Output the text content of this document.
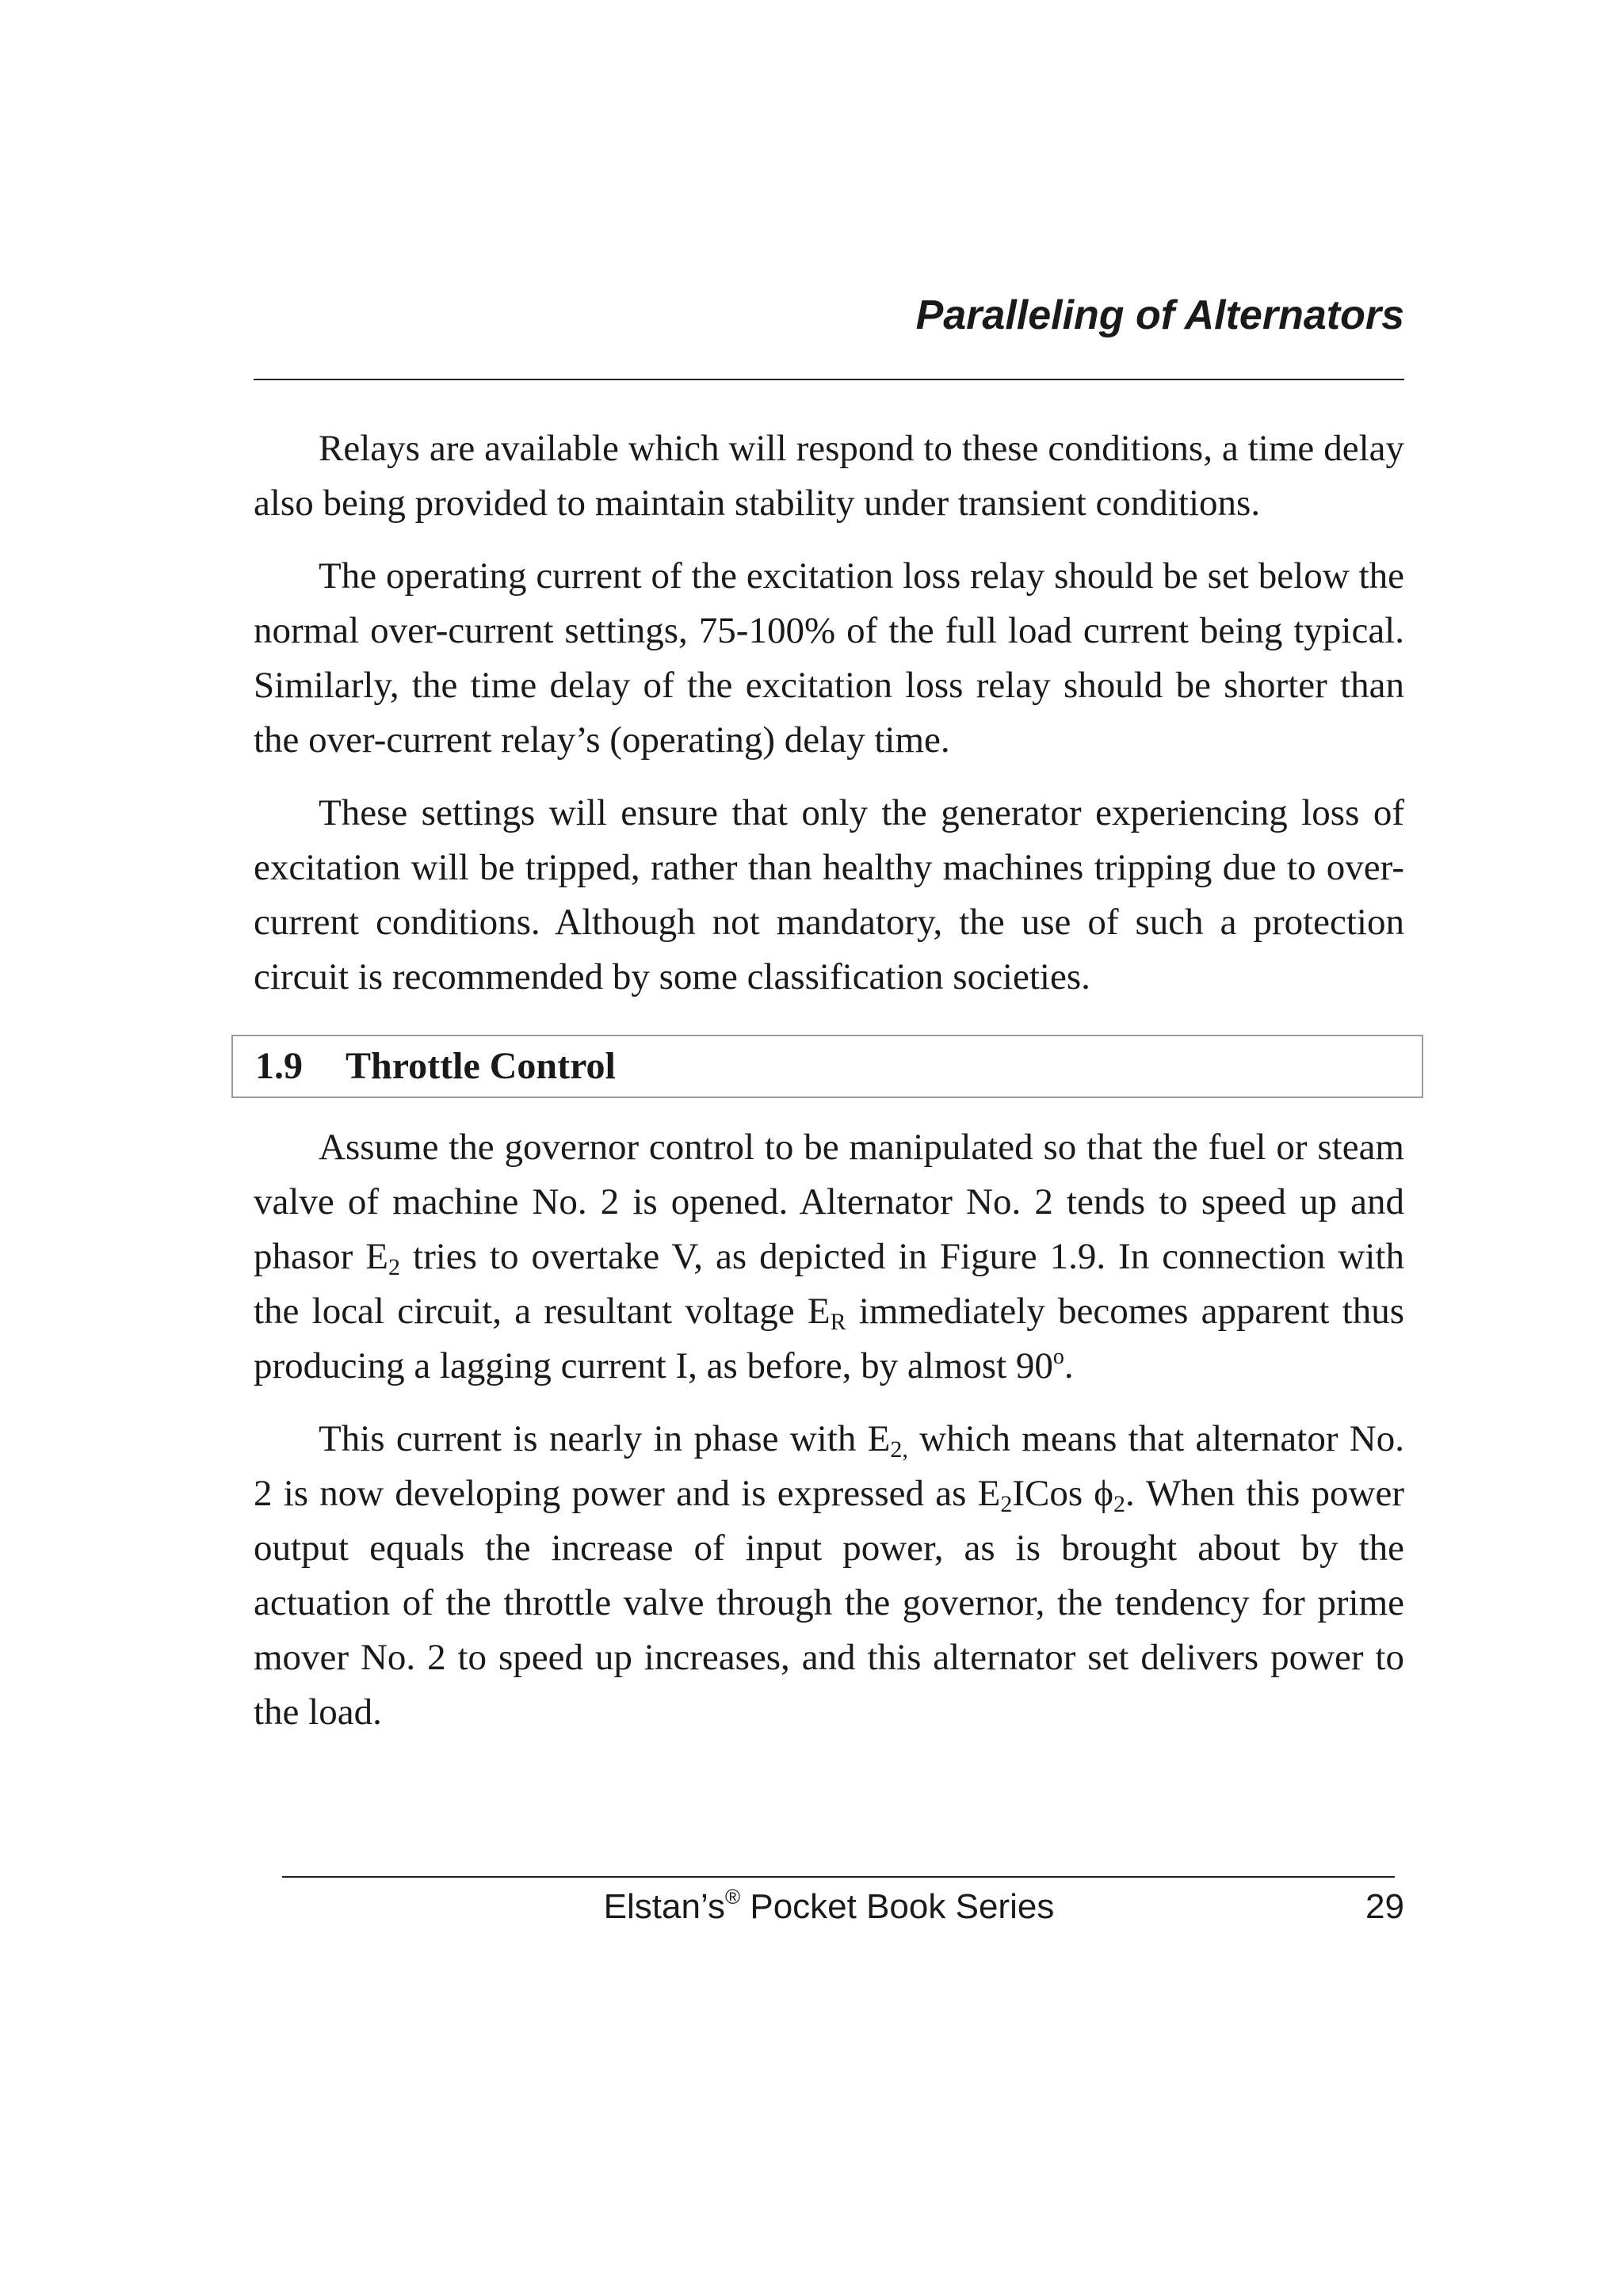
Paralleling of Alternators

Relays are available which will respond to these conditions, a time delay also being provided to maintain stability under transient conditions.

The operating current of the excitation loss relay should be set below the normal over-current settings, 75-100% of the full load current being typical. Similarly, the time delay of the excitation loss relay should be shorter than the over-current relay’s (operating) delay time.

These settings will ensure that only the generator experiencing loss of excitation will be tripped, rather than healthy machines tripping due to over-current conditions. Although not mandatory, the use of such a protection circuit is recommended by some classification societies.

1.9 Throttle Control

Assume the governor control to be manipulated so that the fuel or steam valve of machine No. 2 is opened. Alternator No. 2 tends to speed up and phasor $E_2$ tries to overtake V, as depicted in Figure 1.9. In connection with the local circuit, a resultant voltage $E_R$ immediately becomes apparent thus producing a lagging current I, as before, by almost 90$^o$.

This current is nearly in phase with $E_{2,}$ which means that alternator No. 2 is now developing power and is expressed as $E_2ICos$ $\phi_2$. When this power output equals the increase of input power, as is brought about by the actuation of the throttle valve through the governor, the tendency for prime mover No. 2 to speed up increases, and this alternator set delivers power to the load.

Elstan’s® Pocket Book Series	29
